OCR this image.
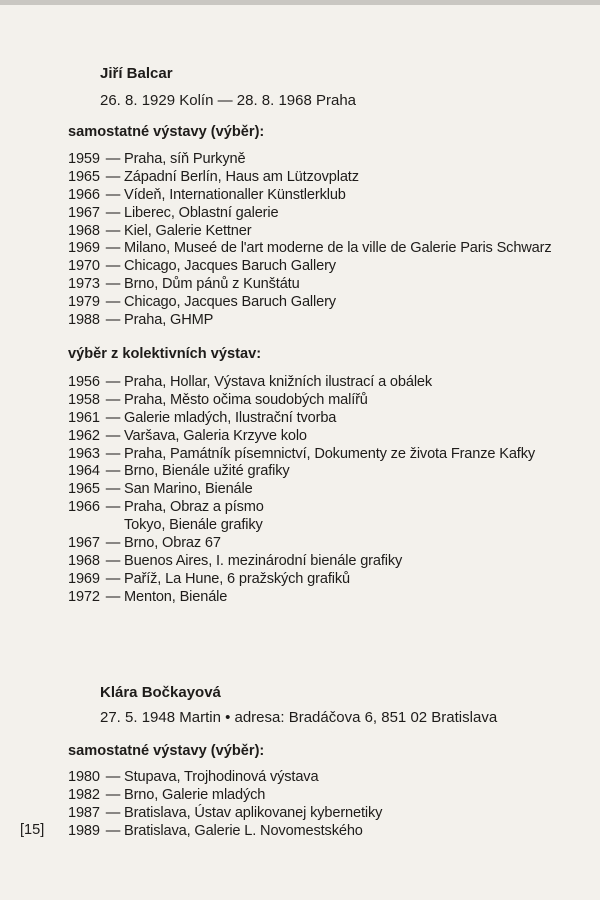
Jiří Balcar
26. 8. 1929 Kolín — 28. 8. 1968 Praha
samostatné výstavy (výběr):
1959 — Praha, síň Purkyně
1965 — Západní Berlín, Haus am Lützovplatz
1966 — Vídeň, Internationaller Künstlerklub
1967 — Liberec, Oblastní galerie
1968 — Kiel, Galerie Kettner
1969 — Milano, Museé de l'art moderne de la ville de Galerie Paris Schwarz
1970 — Chicago, Jacques Baruch Gallery
1973 — Brno, Dům pánů z Kunštátu
1979 — Chicago, Jacques Baruch Gallery
1988 — Praha, GHMP
výběr z kolektivních výstav:
1956 — Praha, Hollar, Výstava knižních ilustrací a obálek
1958 — Praha, Město očima soudobých malířů
1961 — Galerie mladých, Ilustrační tvorba
1962 — Varšava, Galeria Krzyve kolo
1963 — Praha, Památník písemnictví, Dokumenty ze života Franze Kafky
1964 — Brno, Bienále užité grafiky
1965 — San Marino, Bienále
1966 — Praha, Obraz a písmo
Tokyo, Bienále grafiky
1967 — Brno, Obraz 67
1968 — Buenos Aires, I. mezinárodní bienále grafiky
1969 — Paříž, La Hune, 6 pražských grafiků
1972 — Menton, Bienále
Klára Bočkayová
27. 5. 1948 Martin • adresa: Bradáčova 6, 851 02 Bratislava
samostatné výstavy (výběr):
1980 — Stupava, Trojhodinová výstava
1982 — Brno, Galerie mladých
1987 — Bratislava, Ústav aplikovanej kybernetiky
1989 — Bratislava, Galerie L. Novomestského
[15]
